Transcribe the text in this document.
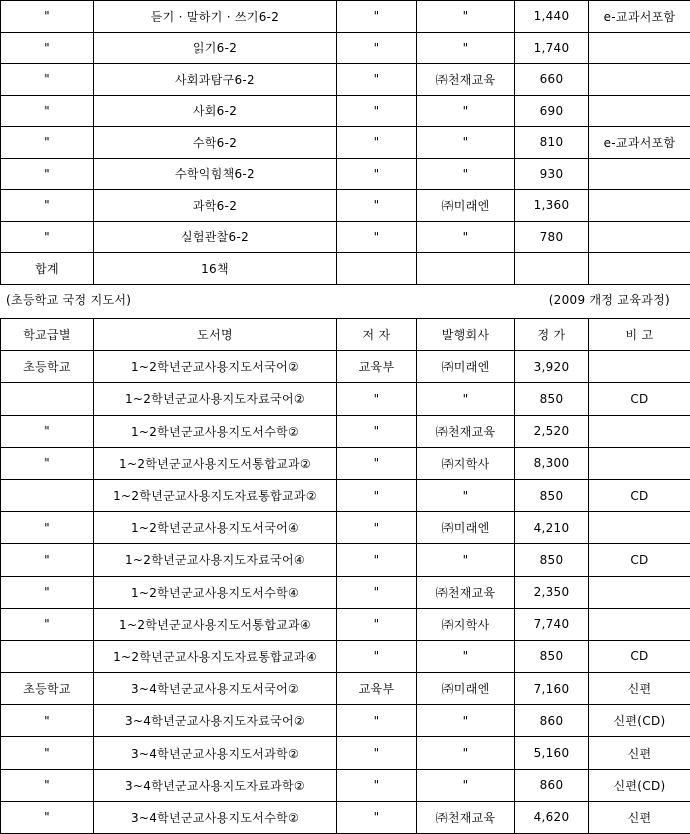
"	듣기 · 말하기 · 쓰기6-2	"	"	1,440	e-교과서포함
"	읽기6-2	"	"	1,740	
"	사회과탐구6-2	"	㈜천재교육	660	
"	사회6-2	"	"	690	
"	수학6-2	"	"	810	e-교과서포함
"	수학익힘책6-2	"	"	930	
"	과학6-2	"	㈜미래엔	1,360	
"	실험관찰6-2	"	"	780	
합계	16책				
(초등학교 국정 지도서)	(2009 개정 교육과정)
학교급별	도서명	저 자	발행회사	정 가	비 고
초등학교	1~2학년군교사용지도서국어②	교육부	㈜미래엔	3,920	
	1~2학년군교사용지도자료국어②	"	"	850	CD
"	1~2학년군교사용지도서수학②	"	㈜천재교육	2,520	
"	1~2학년군교사용지도서통합교과②	"	㈜지학사	8,300	
	1~2학년군교사용지도자료통합교과②	"	"	850	CD
"	1~2학년군교사용지도서국어④	"	㈜미래엔	4,210	
"	1~2학년군교사용지도자료국어④	"	"	850	CD
"	1~2학년군교사용지도서수학④	"	㈜천재교육	2,350	
"	1~2학년군교사용지도서통합교과④	"	㈜지학사	7,740	
	1~2학년군교사용지도자료통합교과④	"	"	850	CD
초등학교	3~4학년군교사용지도서국어②	교육부	㈜미래엔	7,160	신편
"	3~4학년군교사용지도자료국어②	"	"	860	신편(CD)
"	3~4학년군교사용지도서과학②	"	"	5,160	신편
"	3~4학년군교사용지도자료과학②	"	"	860	신편(CD)
"	3~4학년군교사용지도서수학②	"	㈜천재교육	4,620	신편
